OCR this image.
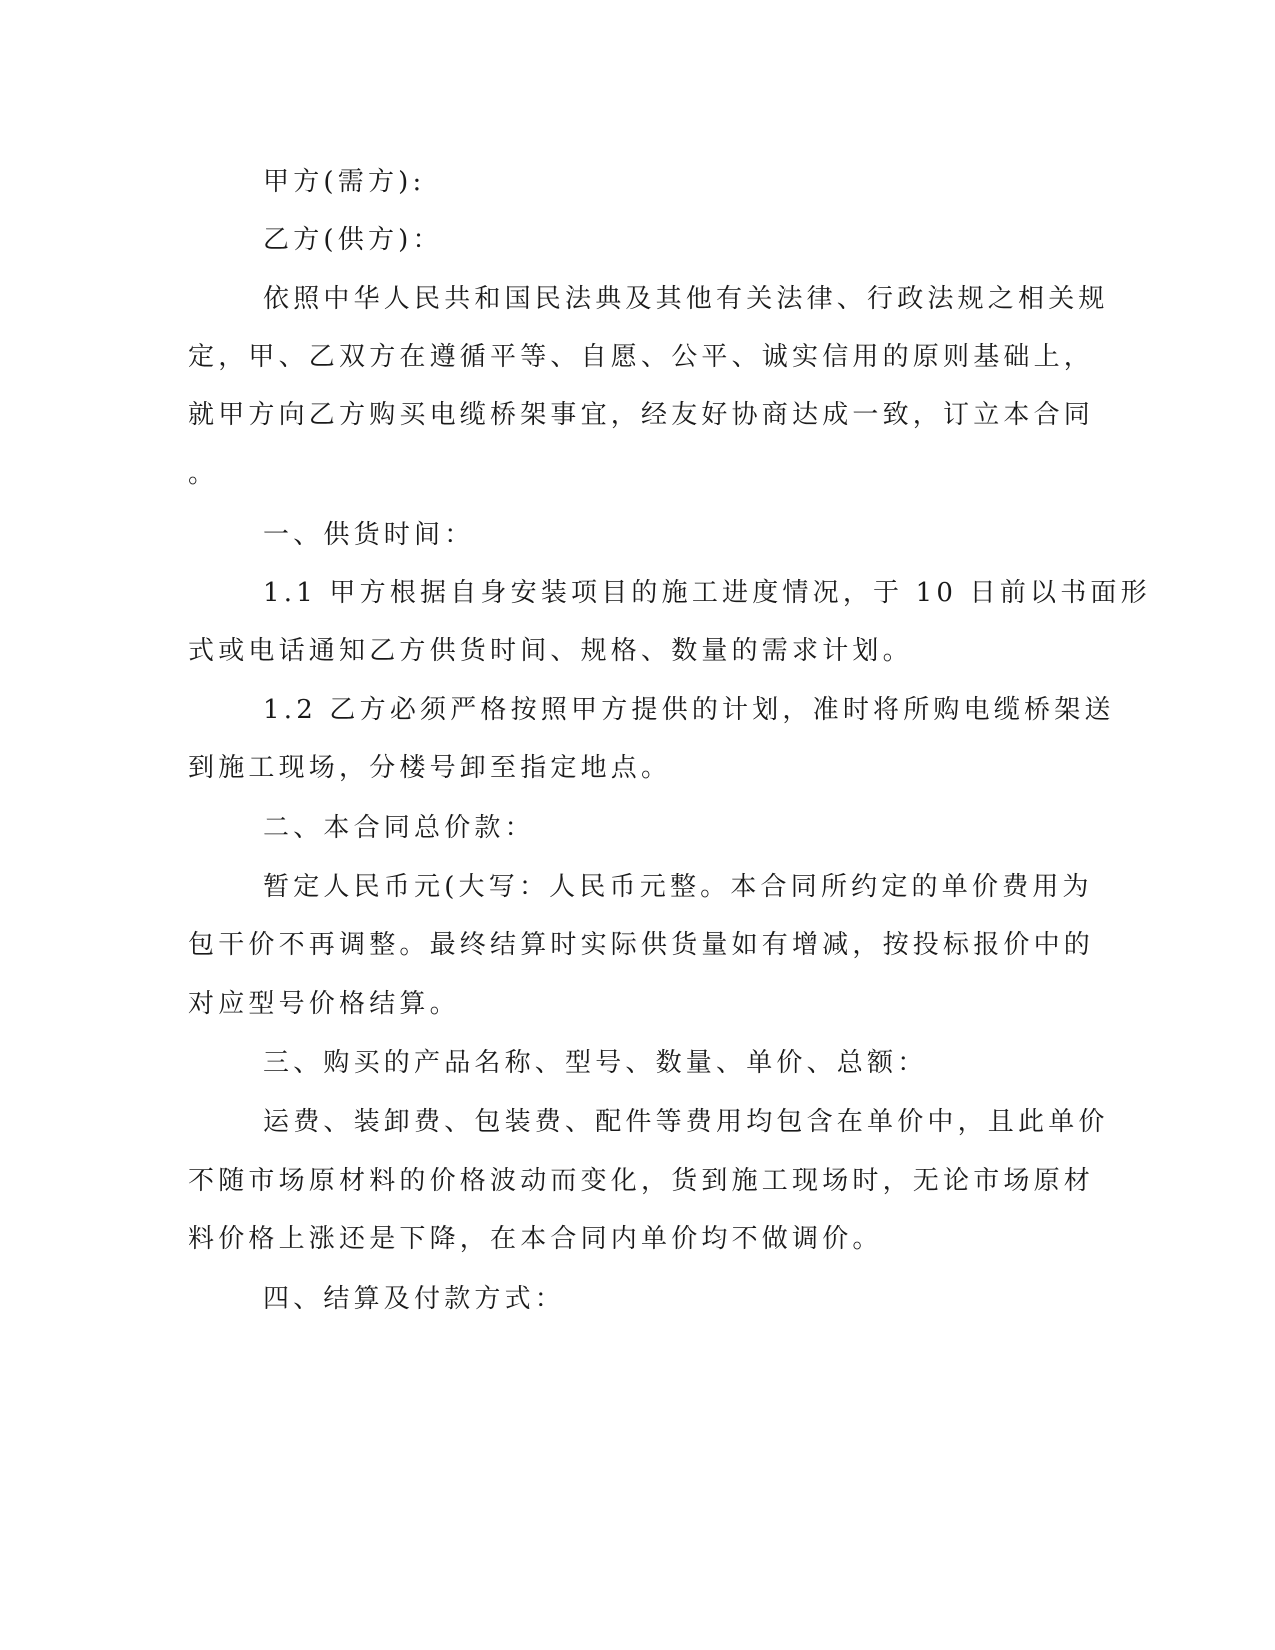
甲方(需方):
乙方(供方)：
依照中华人民共和国民法典及其他有关法律、行政法规之相关规
定，甲、乙双方在遵循平等、自愿、公平、诚实信用的原则基础上，
就甲方向乙方购买电缆桥架事宜，经友好协商达成一致，订立本合同
。
一、供货时间：
1.1 甲方根据自身安装项目的施工进度情况，于 10 日前以书面形
式或电话通知乙方供货时间、规格、数量的需求计划。
1.2 乙方必须严格按照甲方提供的计划，准时将所购电缆桥架送
到施工现场，分楼号卸至指定地点。
二、本合同总价款：
暂定人民币元(大写：人民币元整。本合同所约定的单价费用为
包干价不再调整。最终结算时实际供货量如有增减，按投标报价中的
对应型号价格结算。
三、购买的产品名称、型号、数量、单价、总额：
运费、装卸费、包装费、配件等费用均包含在单价中，且此单价
不随市场原材料的价格波动而变化，货到施工现场时，无论市场原材
料价格上涨还是下降，在本合同内单价均不做调价。
四、结算及付款方式：
